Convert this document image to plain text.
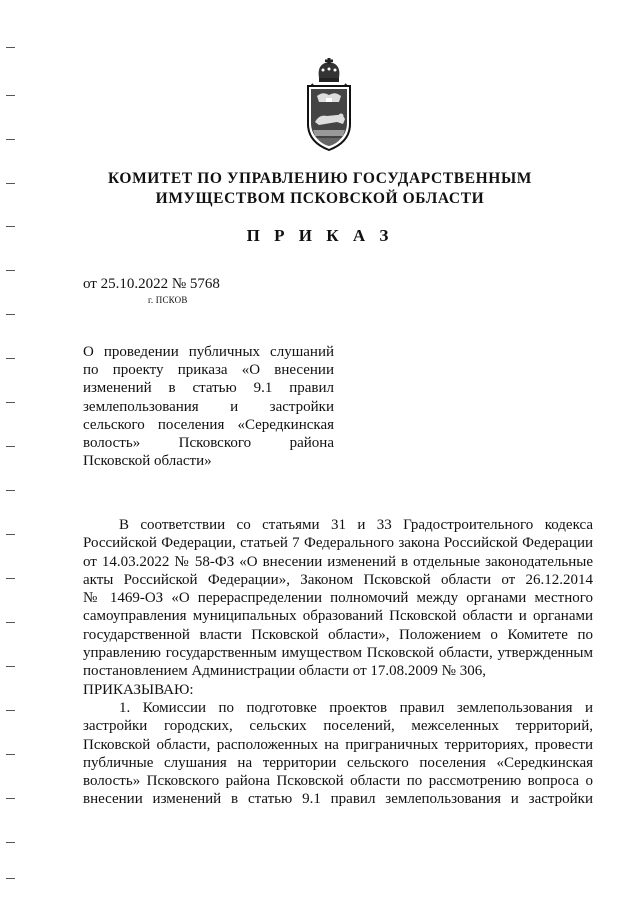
КОМИТЕТ ПО УПРАВЛЕНИЮ ГОСУДАРСТВЕННЫМ
ИМУЩЕСТВОМ ПСКОВСКОЙ ОБЛАСТИ
П Р И К А З
от 25.10.2022 № 5768
г. ПСКОВ
О проведении публичных слушаний
по проекту приказа «О внесении
изменений в статью 9.1 правил
землепользования и застройки
сельского поселения «Середкинская
волость» Псковского района
Псковской области»
В соответствии со статьями 31 и 33 Градостроительного кодекса
Российской Федерации, статьей 7 Федерального закона Российской Федерации
от 14.03.2022 № 58-ФЗ «О внесении изменений в отдельные законодательные
акты Российской Федерации», Законом Псковской области от 26.12.2014
№ 1469-ОЗ «О перераспределении полномочий между органами местного
самоуправления муниципальных образований Псковской области и органами
государственной власти Псковской области», Положением о Комитете по
управлению государственным имуществом Псковской области, утвержденным
постановлением Администрации области от 17.08.2009 № 306,
ПРИКАЗЫВАЮ:
1. Комиссии по подготовке проектов правил землепользования и
застройки городских, сельских поселений, межселенных территорий,
Псковской области, расположенных на приграничных территориях, провести
публичные слушания на территории сельского поселения «Середкинская
волость» Псковского района Псковской области по рассмотрению вопроса о
внесении изменений в статью 9.1 правил землепользования и застройки
